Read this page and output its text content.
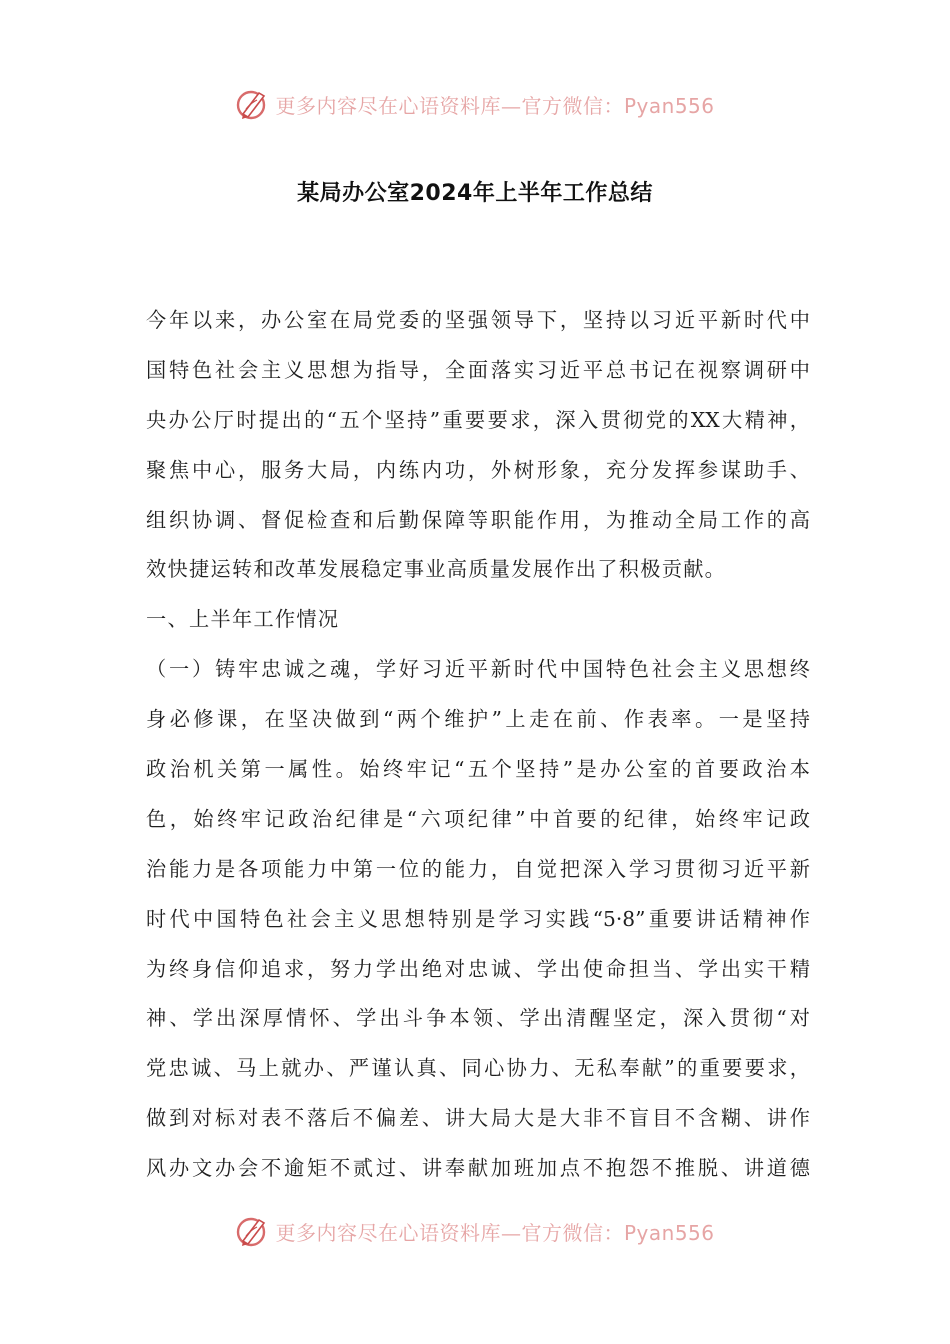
更多内容尽在心语资料库—官方微信：Pyan556
某局办公室2024年上半年工作总结
今年以来，办公室在局党委的坚强领导下，坚持以习近平新时代中
国特色社会主义思想为指导，全面落实习近平总书记在视察调研中
央办公厅时提出的“五个坚持”重要要求，深入贯彻党的XX大精神，
聚焦中心，服务大局，内练内功，外树形象，充分发挥参谋助手、
组织协调、督促检查和后勤保障等职能作用，为推动全局工作的高
效快捷运转和改革发展稳定事业高质量发展作出了积极贡献。
一、上半年工作情况
（一）铸牢忠诚之魂，学好习近平新时代中国特色社会主义思想终
身必修课，在坚决做到“两个维护”上走在前、作表率。一是坚持
政治机关第一属性。始终牢记“五个坚持”是办公室的首要政治本
色，始终牢记政治纪律是“六项纪律”中首要的纪律，始终牢记政
治能力是各项能力中第一位的能力，自觉把深入学习贯彻习近平新
时代中国特色社会主义思想特别是学习实践“5·8”重要讲话精神作
为终身信仰追求，努力学出绝对忠诚、学出使命担当、学出实干精
神、学出深厚情怀、学出斗争本领、学出清醒坚定，深入贯彻“对
党忠诚、马上就办、严谨认真、同心协力、无私奉献”的重要要求，
做到对标对表不落后不偏差、讲大局大是大非不盲目不含糊、讲作
风办文办会不逾矩不贰过、讲奉献加班加点不抱怨不推脱、讲道德
更多内容尽在心语资料库—官方微信：Pyan556
